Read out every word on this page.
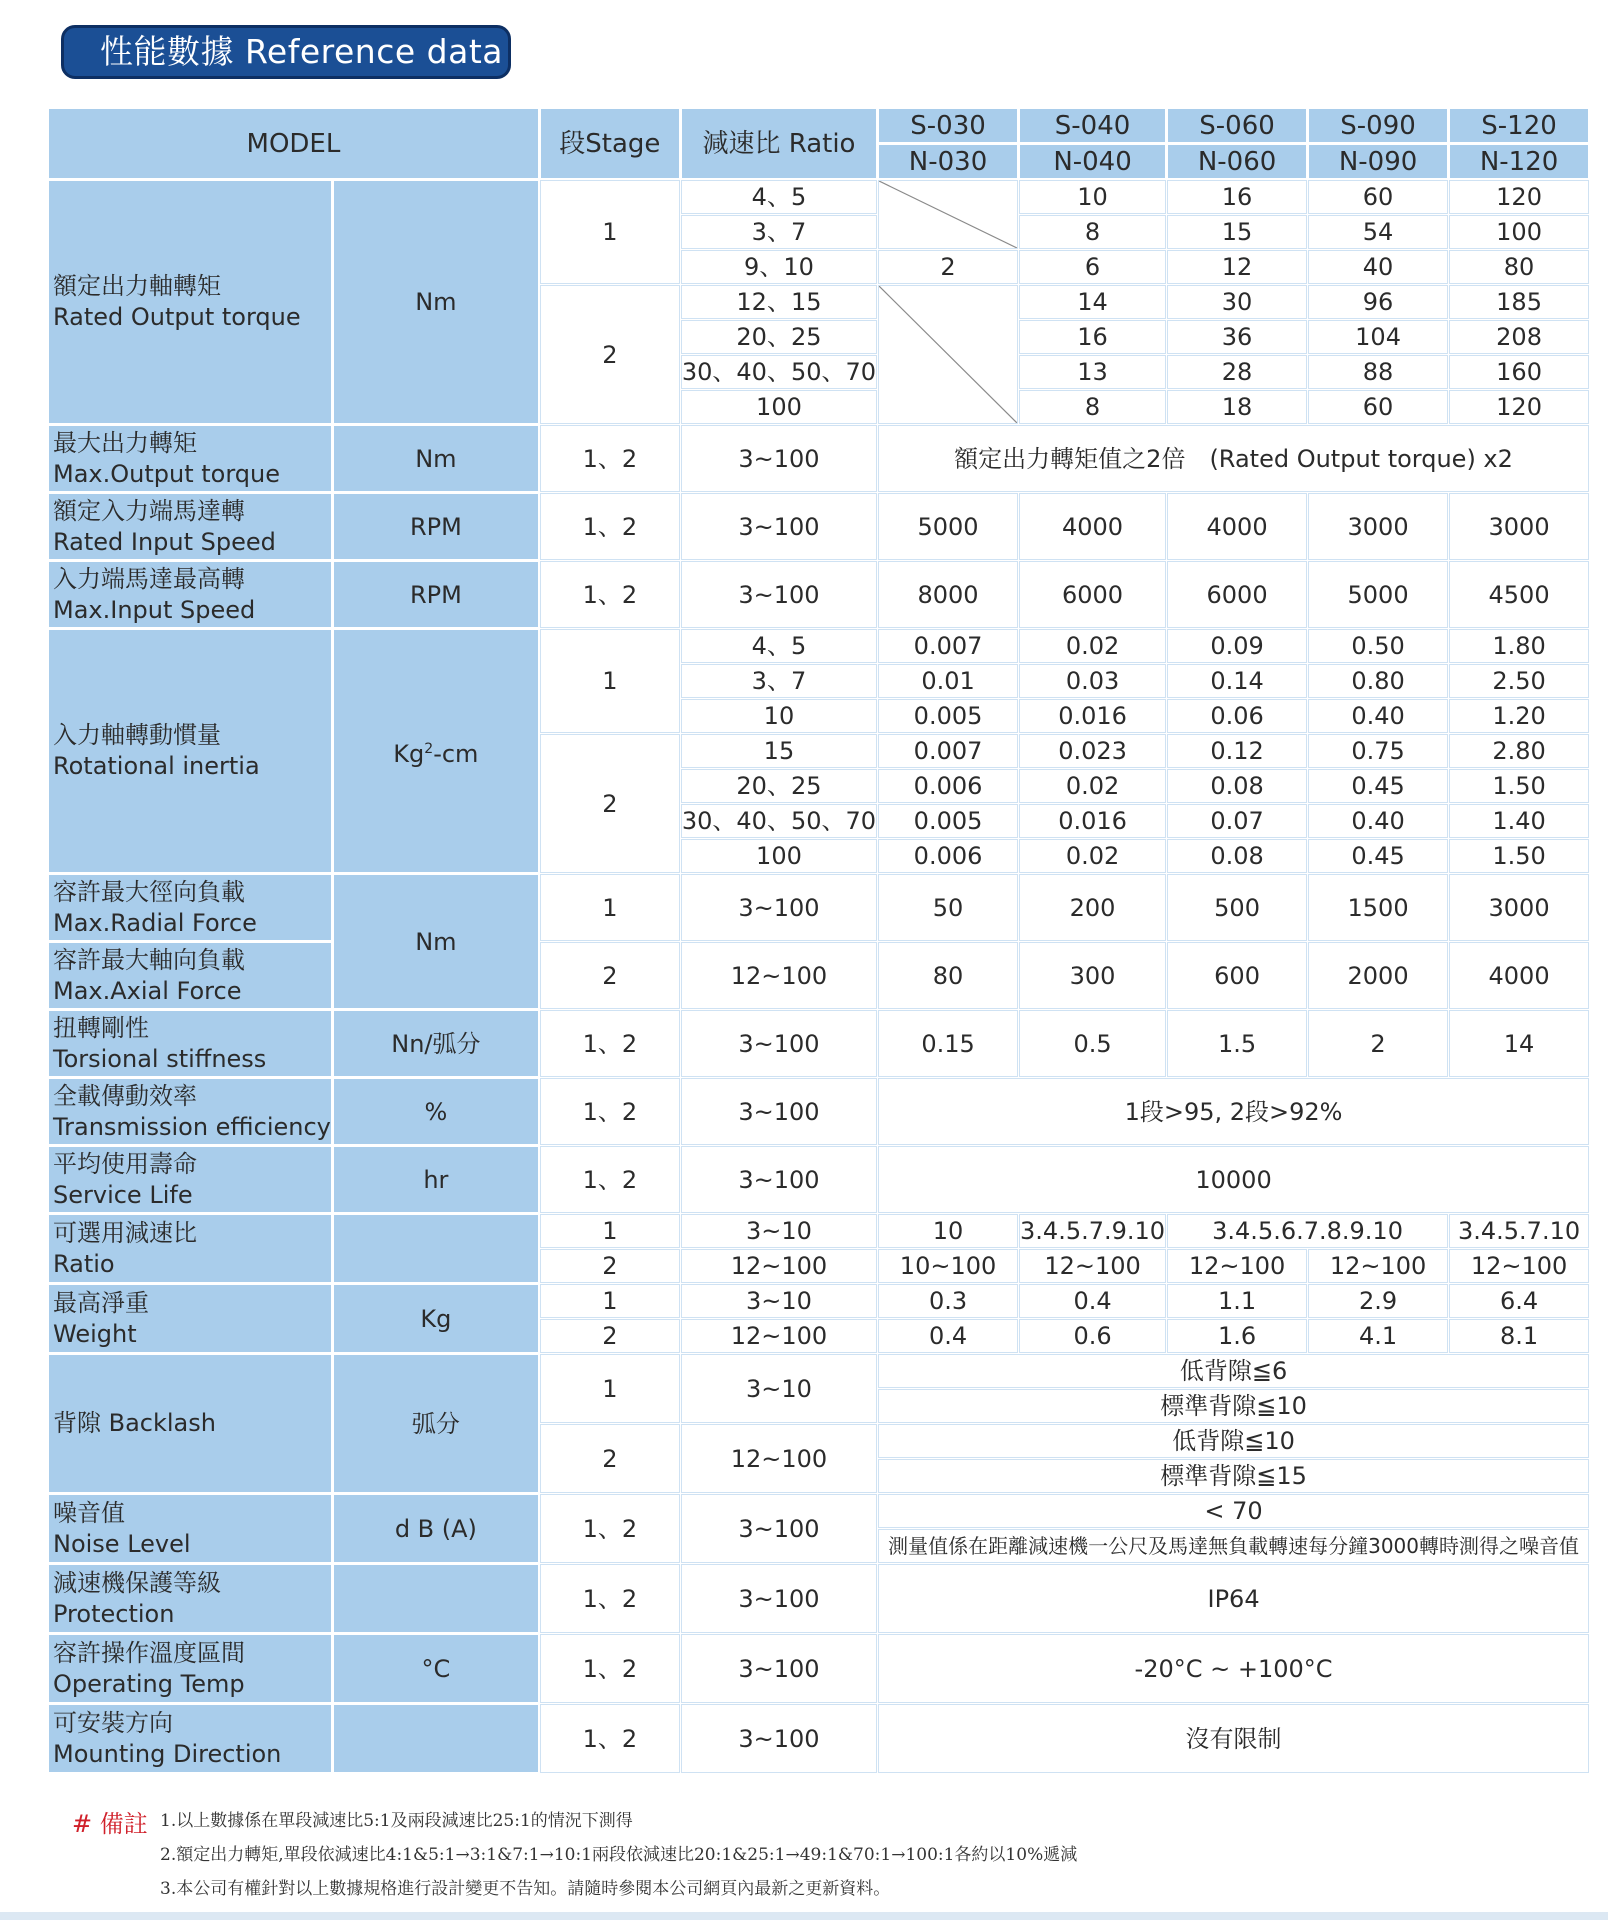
性能數據 Reference data
MODEL		段Stage	減速比 Ratio	S-030	S-040	S-060	S-090	S-120
				N-030	N-040	N-060	N-090	N-120
額定出力軸轉矩
Rated Output torque	Nm	1	4、5		10	16	60	120
			3、7		8	15	54	100
			9、10	2	6	12	40	80
		2	12、15		14	30	96	185
			20、25		16	36	104	208
			30、40、50、70		13	28	88	160
			100		8	18	60	120
最大出力轉矩
Max.Output torque	Nm	1、2	3~100	額定出力轉矩值之2倍　(Rated Output torque) x2				
額定入力端馬達轉
Rated Input Speed	RPM	1、2	3~100	5000	4000	4000	3000	3000
入力端馬達最高轉
Max.Input Speed	RPM	1、2	3~100	8000	6000	6000	5000	4500
入力軸轉動慣量
Rotational inertia	Kg$^2$-cm	1	4、5	0.007	0.02	0.09	0.50	1.80
			3、7	0.01	0.03	0.14	0.80	2.50
			10	0.005	0.016	0.06	0.40	1.20
		2	15	0.007	0.023	0.12	0.75	2.80
			20、25	0.006	0.02	0.08	0.45	1.50
			30、40、50、70	0.005	0.016	0.07	0.40	1.40
			100	0.006	0.02	0.08	0.45	1.50
容許最大徑向負載
Max.Radial Force	Nm	1	3~100	50	200	500	1500	3000
容許最大軸向負載
Max.Axial Force		2	12~100	80	300	600	2000	4000
扭轉剛性
Torsional stiffness	Nn/弧分	1、2	3~100	0.15	0.5	1.5	2	14
全載傳動效率
Transmission efficiency	%	1、2	3~100	1段>95, 2段>92%				
平均使用壽命
Service Life	hr	1、2	3~100	10000				
可選用減速比
Ratio		1	3~10	10	3.4.5.7.9.10	3.4.5.6.7.8.9.10		3.4.5.7.10
		2	12~100	10~100	12~100	12~100	12~100	12~100
最高淨重
Weight	Kg	1	3~10	0.3	0.4	1.1	2.9	6.4
		2	12~100	0.4	0.6	1.6	4.1	8.1
背隙 Backlash	弧分	1	3~10	低背隙≦6				
				標準背隙≦10				
		2	12~100	低背隙≦10				
				標準背隙≦15				
噪音值
Noise Level	d B (A)	1、2	3~100	< 70				
				測量值係在距離減速機一公尺及馬達無負載轉速每分鐘3000轉時測得之噪音值				
減速機保護等級
Protection		1、2	3~100	IP64				
容許操作溫度區間
Operating Temp	°C	1、2	3~100	-20°C ~ +100°C				
可安裝方向
Mounting Direction		1、2	3~100	沒有限制				
# 備註 1.以上數據係在單段減速比5:1及兩段減速比25:1的情況下測得
2.額定出力轉矩,單段依減速比4:1&5:1→3:1&7:1→10:1兩段依減速比20:1&25:1→49:1&70:1→100:1各約以10%遞減
3.本公司有權針對以上數據規格進行設計變更不告知。請隨時參閱本公司網頁內最新之更新資料。
